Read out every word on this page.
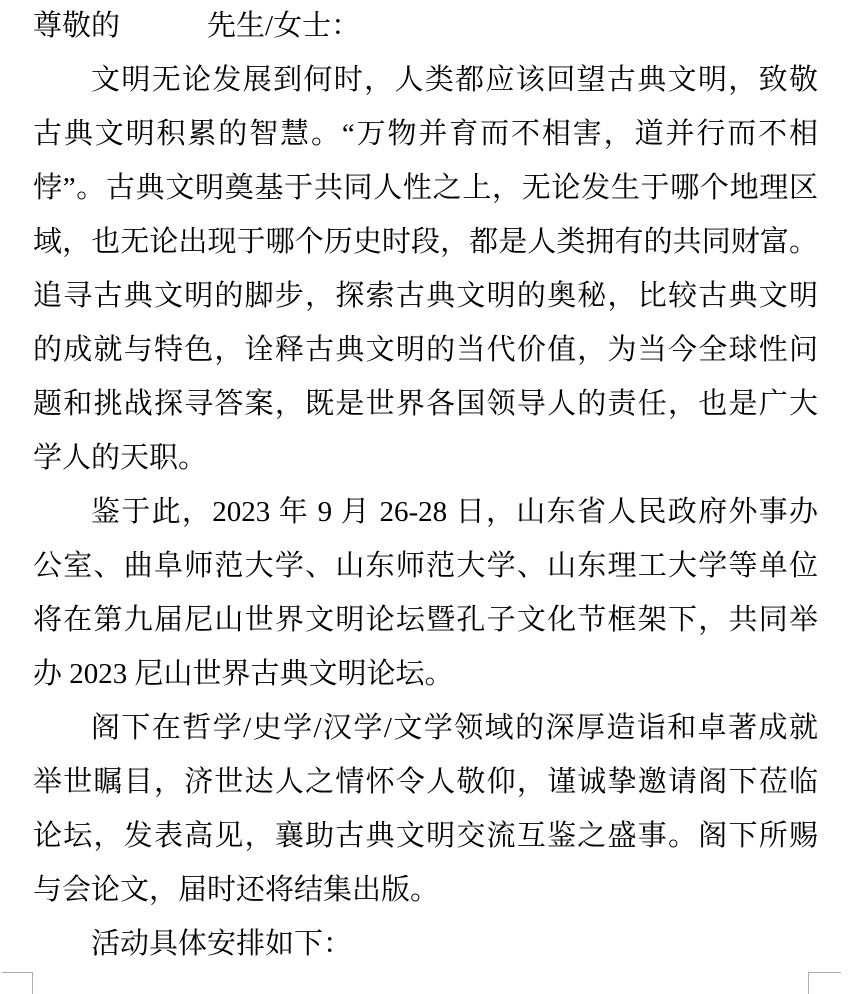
尊敬的　　　	先生/女士：
文明无论发展到何时，人类都应该回望古典文明，致敬
古典文明积累的智慧。“万物并育而不相害，道并行而不相
悖”。古典文明奠基于共同人性之上，无论发生于哪个地理区
域，也无论出现于哪个历史时段，都是人类拥有的共同财富。
追寻古典文明的脚步，探索古典文明的奥秘，比较古典文明
的成就与特色，诠释古典文明的当代价值，为当今全球性问
题和挑战探寻答案，既是世界各国领导人的责任，也是广大
学人的天职。
鉴于此，2023 年 9 月 26-28 日，山东省人民政府外事办
公室、曲阜师范大学、山东师范大学、山东理工大学等单位
将在第九届尼山世界文明论坛暨孔子文化节框架下，共同举
办 2023 尼山世界古典文明论坛。
阁下在哲学/史学/汉学/文学领域的深厚造诣和卓著成就
举世瞩目，济世达人之情怀令人敬仰，谨诚挚邀请阁下莅临
论坛，发表高见，襄助古典文明交流互鉴之盛事。阁下所赐
与会论文，届时还将结集出版。
活动具体安排如下：
